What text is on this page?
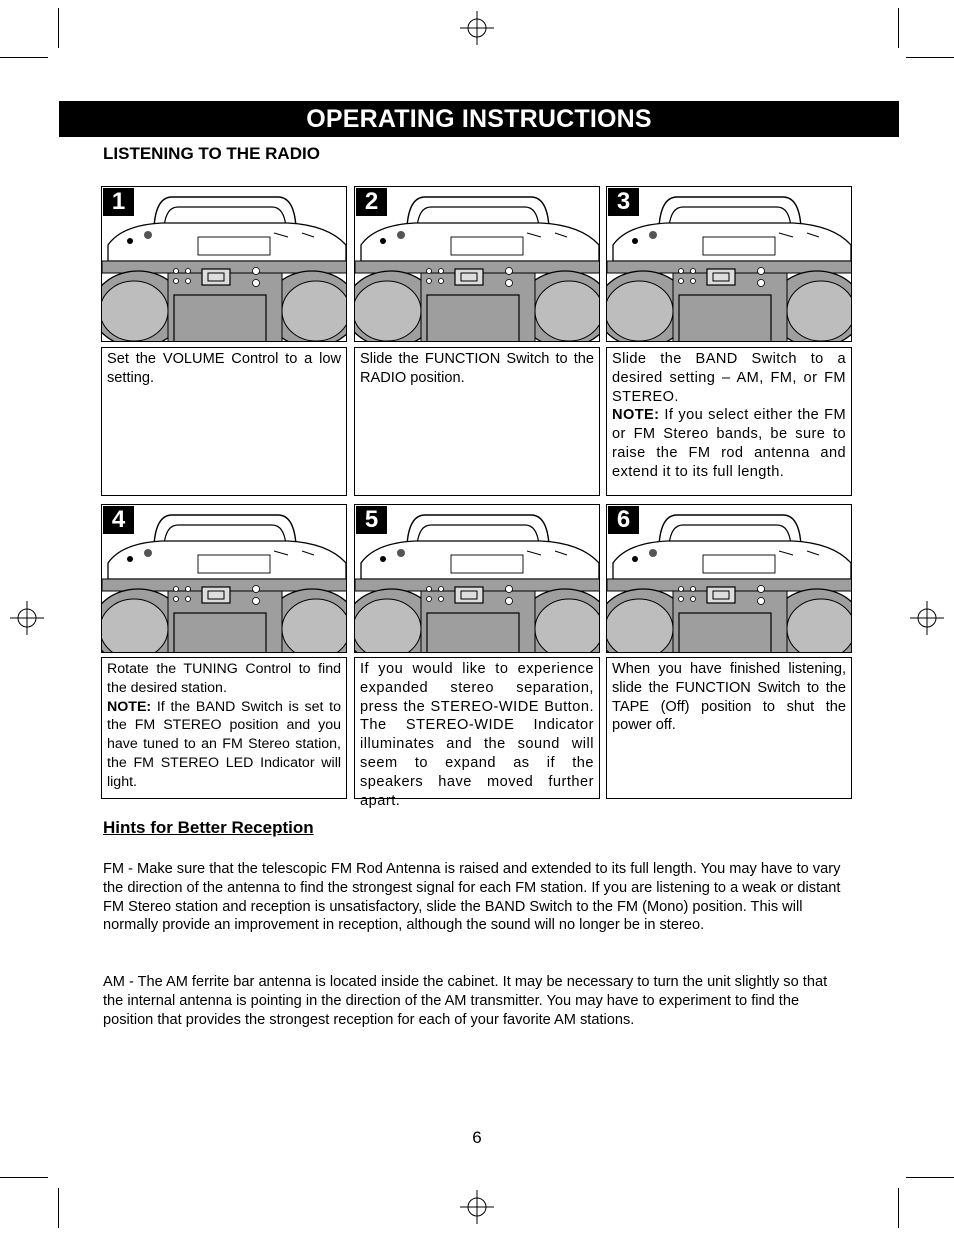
OPERATING INSTRUCTIONS
LISTENING TO THE RADIO
1	2	3
Set the VOLUME Control to a low setting.
Slide the FUNCTION Switch to the RADIO position.
Slide the BAND Switch to a desired setting – AM, FM, or FM STEREO.
NOTE: If you select either the FM or FM Stereo bands, be sure to raise the FM rod antenna and extend it to its full length.
4	5	6
Rotate the TUNING Control to find the desired station.
NOTE: If the BAND Switch is set to the FM STEREO position and you have tuned to an FM Stereo station, the FM STEREO LED Indicator will light.
If you would like to experience expanded stereo separation, press the STEREO-WIDE Button. The STEREO-WIDE Indicator illuminates and the sound will seem to expand as if the speakers have moved further apart.
When you have finished listening, slide the FUNCTION Switch to the TAPE (Off) position to shut the power off.
Hints for Better Reception
FM - Make sure that the telescopic FM Rod Antenna is raised and extended to its full length. You may have to vary the direction of the antenna to find the strongest signal for each FM station. If you are listening to a weak or distant FM Stereo station and reception is unsatisfactory, slide the BAND Switch to the FM (Mono) position. This will normally provide an improvement in reception, although the sound will no longer be in stereo.
AM - The AM ferrite bar antenna is located inside the cabinet. It may be necessary to turn the unit slightly so that the internal antenna is pointing in the direction of the AM transmitter. You may have to experiment to find the position that provides the strongest reception for each of your favorite AM stations.
6
